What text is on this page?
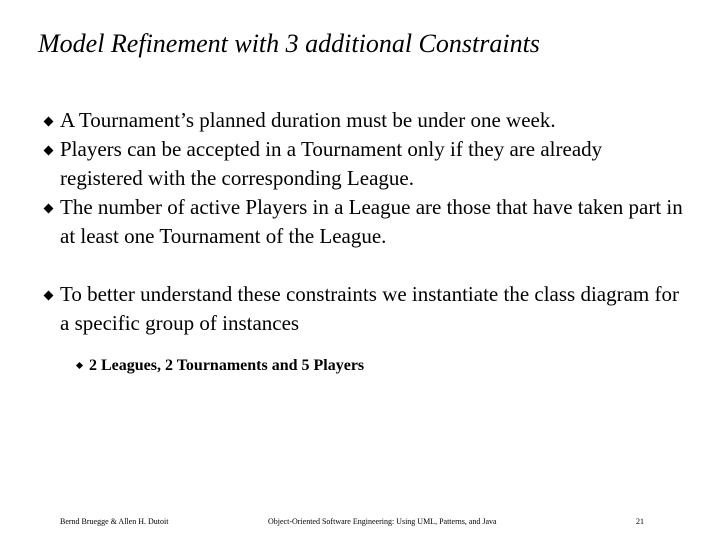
Model Refinement with 3 additional Constraints
A Tournament’s planned duration must be under one week.
Players can be accepted in a Tournament only if they are already registered with the corresponding League.
The number of active Players in a League are those that have taken part in at least one Tournament of the League.
To better understand these constraints we instantiate the class diagram for a specific group of instances
2 Leagues, 2 Tournaments and 5 Players
Bernd Bruegge & Allen H. Dutoit	Object-Oriented Software Engineering: Using UML, Patterns, and Java	21
